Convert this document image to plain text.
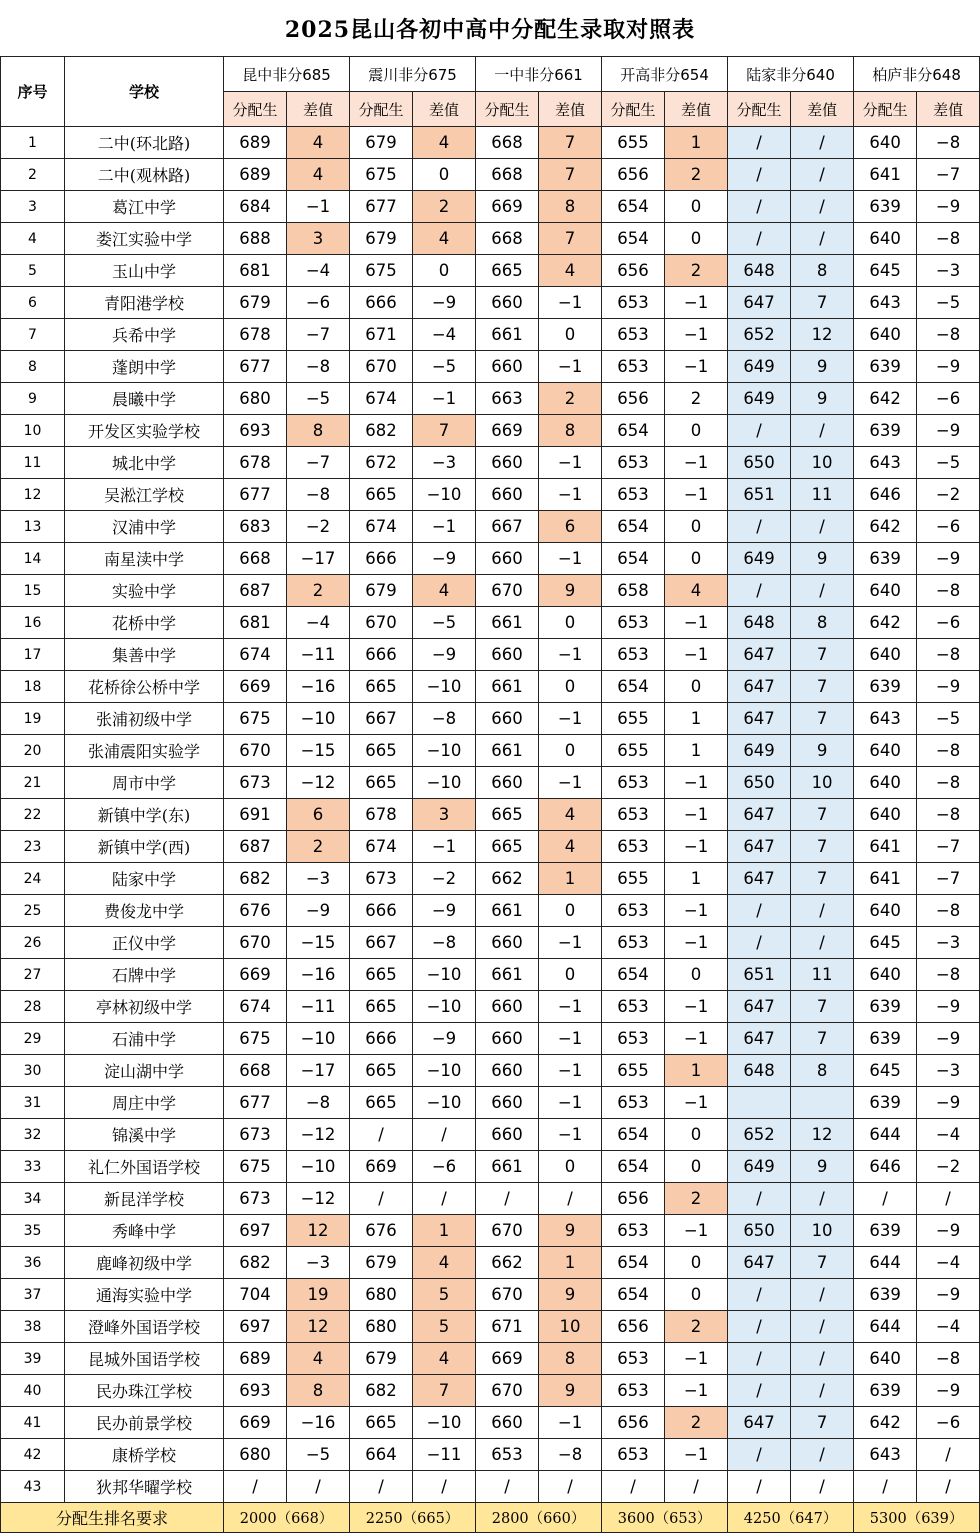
2025昆山各初中高中分配生录取对照表
序号	学校	昆中非分685		震川非分675		一中非分661		开高非分654		陆家非分640		柏庐非分648	
		分配生	差值	分配生	差值	分配生	差值	分配生	差值	分配生	差值	分配生	差值
1	二中(环北路)	689	4	679	4	668	7	655	1	/	/	640	−8
2	二中(观林路)	689	4	675	0	668	7	656	2	/	/	641	−7
3	葛江中学	684	−1	677	2	669	8	654	0	/	/	639	−9
4	娄江实验中学	688	3	679	4	668	7	654	0	/	/	640	−8
5	玉山中学	681	−4	675	0	665	4	656	2	648	8	645	−3
6	青阳港学校	679	−6	666	−9	660	−1	653	−1	647	7	643	−5
7	兵希中学	678	−7	671	−4	661	0	653	−1	652	12	640	−8
8	蓬朗中学	677	−8	670	−5	660	−1	653	−1	649	9	639	−9
9	晨曦中学	680	−5	674	−1	663	2	656	2	649	9	642	−6
10	开发区实验学校	693	8	682	7	669	8	654	0	/	/	639	−9
11	城北中学	678	−7	672	−3	660	−1	653	−1	650	10	643	−5
12	吴淞江学校	677	−8	665	−10	660	−1	653	−1	651	11	646	−2
13	汉浦中学	683	−2	674	−1	667	6	654	0	/	/	642	−6
14	南星渎中学	668	−17	666	−9	660	−1	654	0	649	9	639	−9
15	实验中学	687	2	679	4	670	9	658	4	/	/	640	−8
16	花桥中学	681	−4	670	−5	661	0	653	−1	648	8	642	−6
17	集善中学	674	−11	666	−9	660	−1	653	−1	647	7	640	−8
18	花桥徐公桥中学	669	−16	665	−10	661	0	654	0	647	7	639	−9
19	张浦初级中学	675	−10	667	−8	660	−1	655	1	647	7	643	−5
20	张浦震阳实验学	670	−15	665	−10	661	0	655	1	649	9	640	−8
21	周市中学	673	−12	665	−10	660	−1	653	−1	650	10	640	−8
22	新镇中学(东)	691	6	678	3	665	4	653	−1	647	7	640	−8
23	新镇中学(西)	687	2	674	−1	665	4	653	−1	647	7	641	−7
24	陆家中学	682	−3	673	−2	662	1	655	1	647	7	641	−7
25	费俊龙中学	676	−9	666	−9	661	0	653	−1	/	/	640	−8
26	正仪中学	670	−15	667	−8	660	−1	653	−1	/	/	645	−3
27	石牌中学	669	−16	665	−10	661	0	654	0	651	11	640	−8
28	亭林初级中学	674	−11	665	−10	660	−1	653	−1	647	7	639	−9
29	石浦中学	675	−10	666	−9	660	−1	653	−1	647	7	639	−9
30	淀山湖中学	668	−17	665	−10	660	−1	655	1	648	8	645	−3
31	周庄中学	677	−8	665	−10	660	−1	653	−1			639	−9
32	锦溪中学	673	−12	/	/	660	−1	654	0	652	12	644	−4
33	礼仁外国语学校	675	−10	669	−6	661	0	654	0	649	9	646	−2
34	新昆洋学校	673	−12	/	/	/	/	656	2	/	/	/	/
35	秀峰中学	697	12	676	1	670	9	653	−1	650	10	639	−9
36	鹿峰初级中学	682	−3	679	4	662	1	654	0	647	7	644	−4
37	通海实验中学	704	19	680	5	670	9	654	0	/	/	639	−9
38	澄峰外国语学校	697	12	680	5	671	10	656	2	/	/	644	−4
39	昆城外国语学校	689	4	679	4	669	8	653	−1	/	/	640	−8
40	民办珠江学校	693	8	682	7	670	9	653	−1	/	/	639	−9
41	民办前景学校	669	−16	665	−10	660	−1	656	2	647	7	642	−6
42	康桥学校	680	−5	664	−11	653	−8	653	−1	/	/	643	/
43	狄邦华曜学校	/	/	/	/	/	/	/	/	/	/	/	/
分配生排名要求		2000（668）		2250（665）		2800（660）		3600（653）		4250（647）		5300（639）	
